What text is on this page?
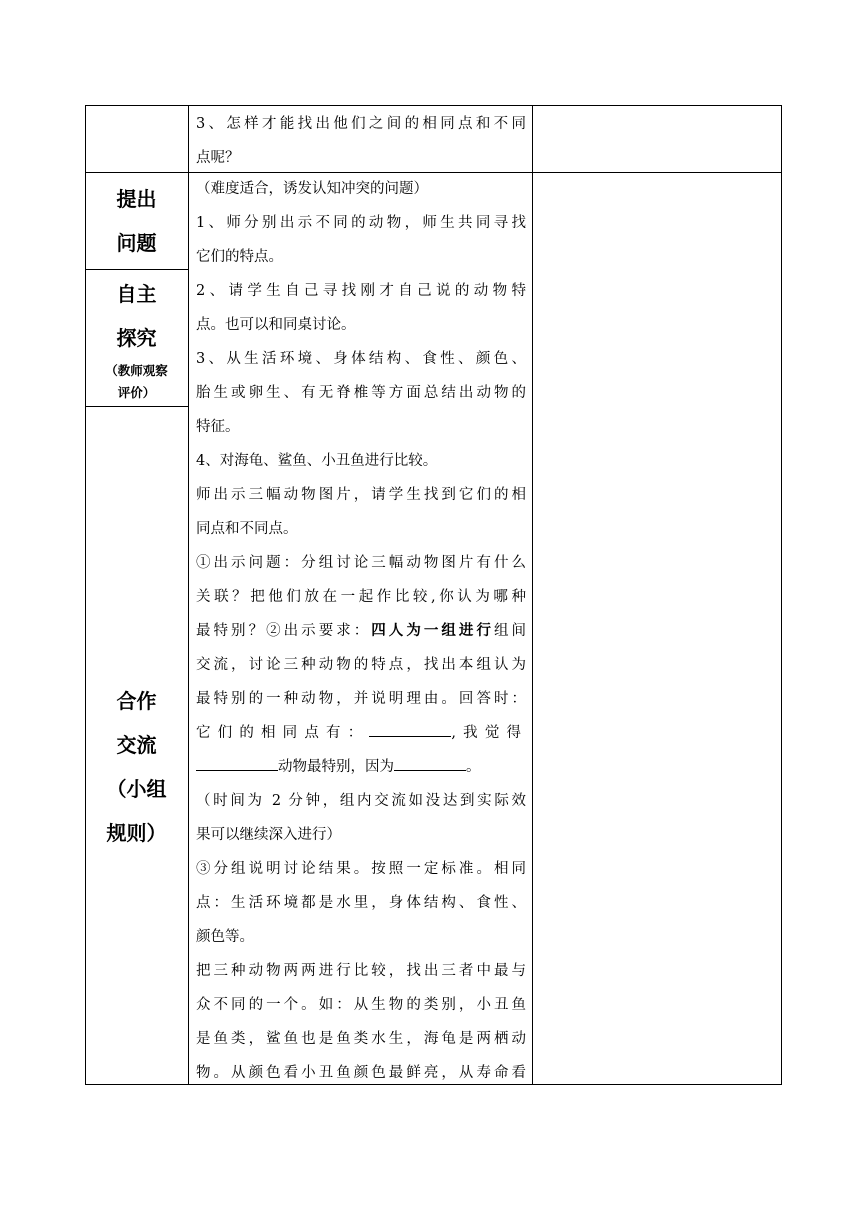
3、怎样才能找出他们之间的相同点和不同
点呢？
提出
问题
自主
探究
（教师观察
评价）
合作
交流
（小组
规则）
（难度适合，诱发认知冲突的问题）
1、师分别出示不同的动物，师生共同寻找
它们的特点。
2、请学生自己寻找刚才自己说的动物特
点。也可以和同桌讨论。
3、从生活环境、身体结构、食性、颜色、
胎生或卵生、有无脊椎等方面总结出动物的
特征。
4、对海龟、鲨鱼、小丑鱼进行比较。
师出示三幅动物图片，请学生找到它们的相
同点和不同点。
①出示问题：分组讨论三幅动物图片有什么
关联？把他们放在一起作比较,你认为哪种
最特别？②出示要求：四人为一组进行组间
交流，讨论三种动物的特点，找出本组认为
最特别的一种动物，并说明理由。回答时：
它们的相同点有：	,我觉得
动物最特别，因为	。
（时间为 2 分钟，组内交流如没达到实际效
果可以继续深入进行）
③分组说明讨论结果。按照一定标准。相同
点：生活环境都是水里，身体结构、食性、
颜色等。
把三种动物两两进行比较，找出三者中最与
众不同的一个。如：从生物的类别，小丑鱼
是鱼类，鲨鱼也是鱼类水生，海龟是两栖动
物。从颜色看小丑鱼颜色最鲜亮，从寿命看
